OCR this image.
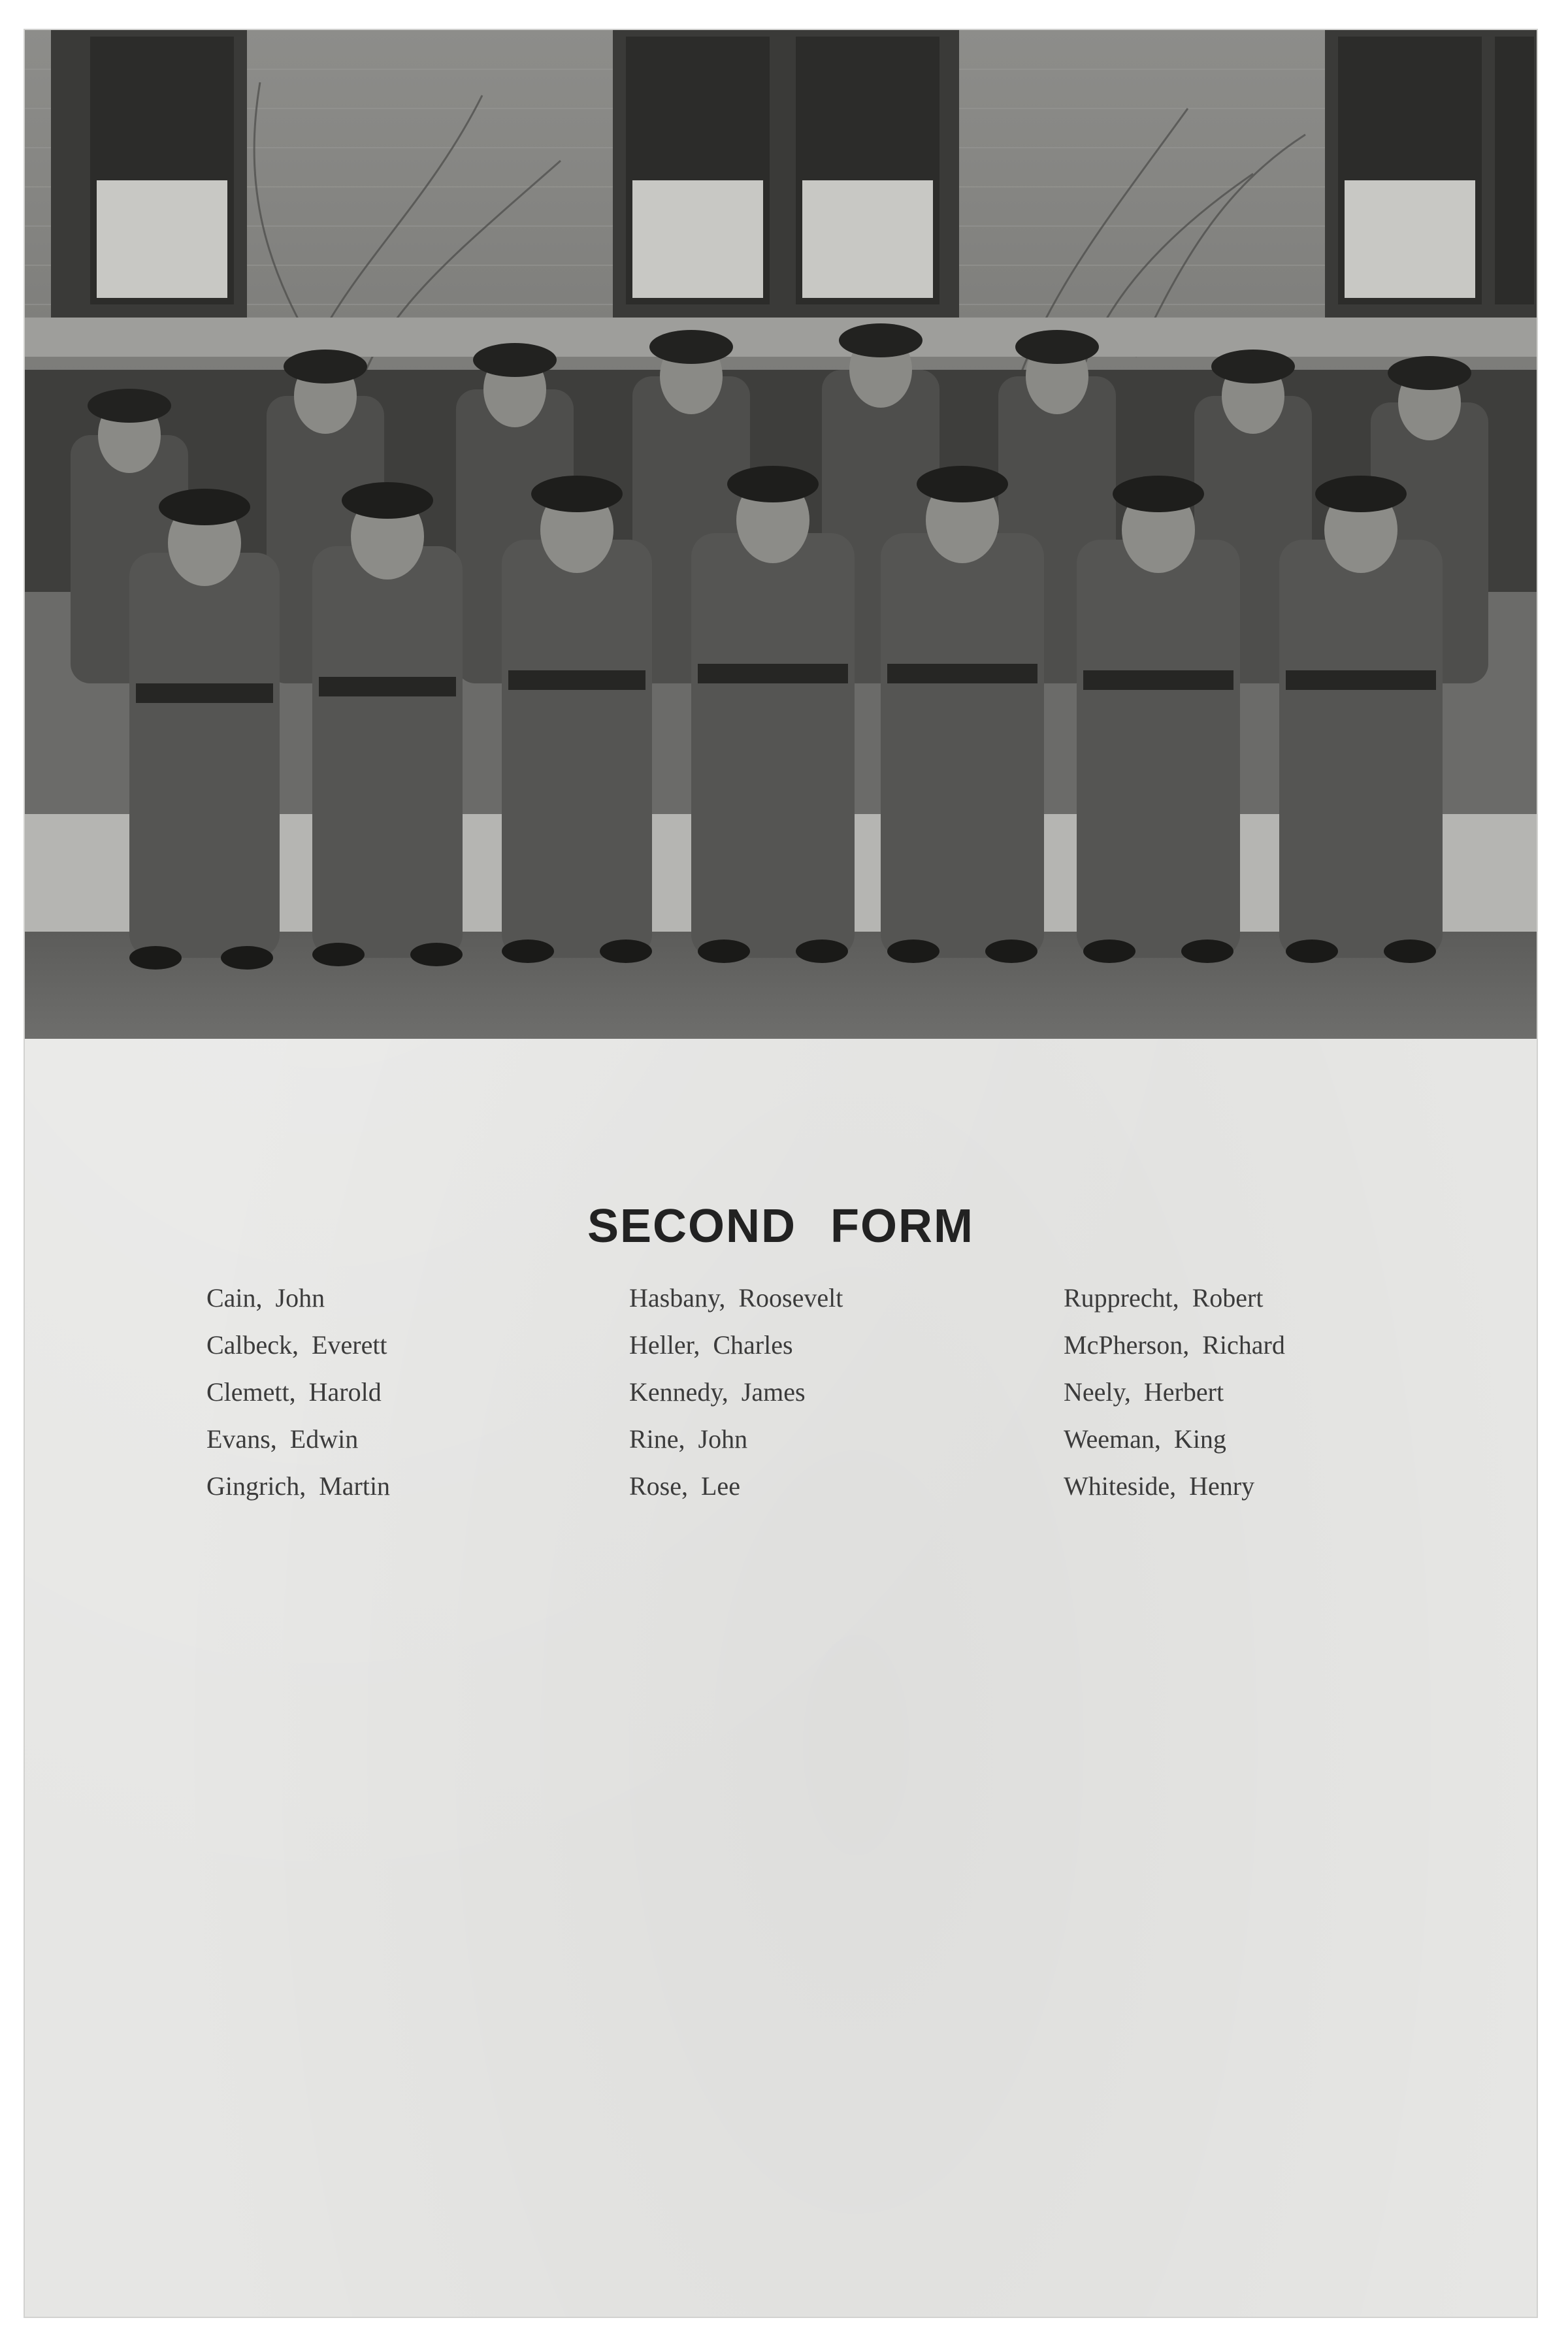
SECOND FORM
Cain, John
Calbeck, Everett
Clemett, Harold
Evans, Edwin
Gingrich, Martin
Hasbany, Roosevelt
Heller, Charles
Kennedy, James
Rine, John
Rose, Lee
Rupprecht, Robert
McPherson, Richard
Neely, Herbert
Weeman, King
Whiteside, Henry
